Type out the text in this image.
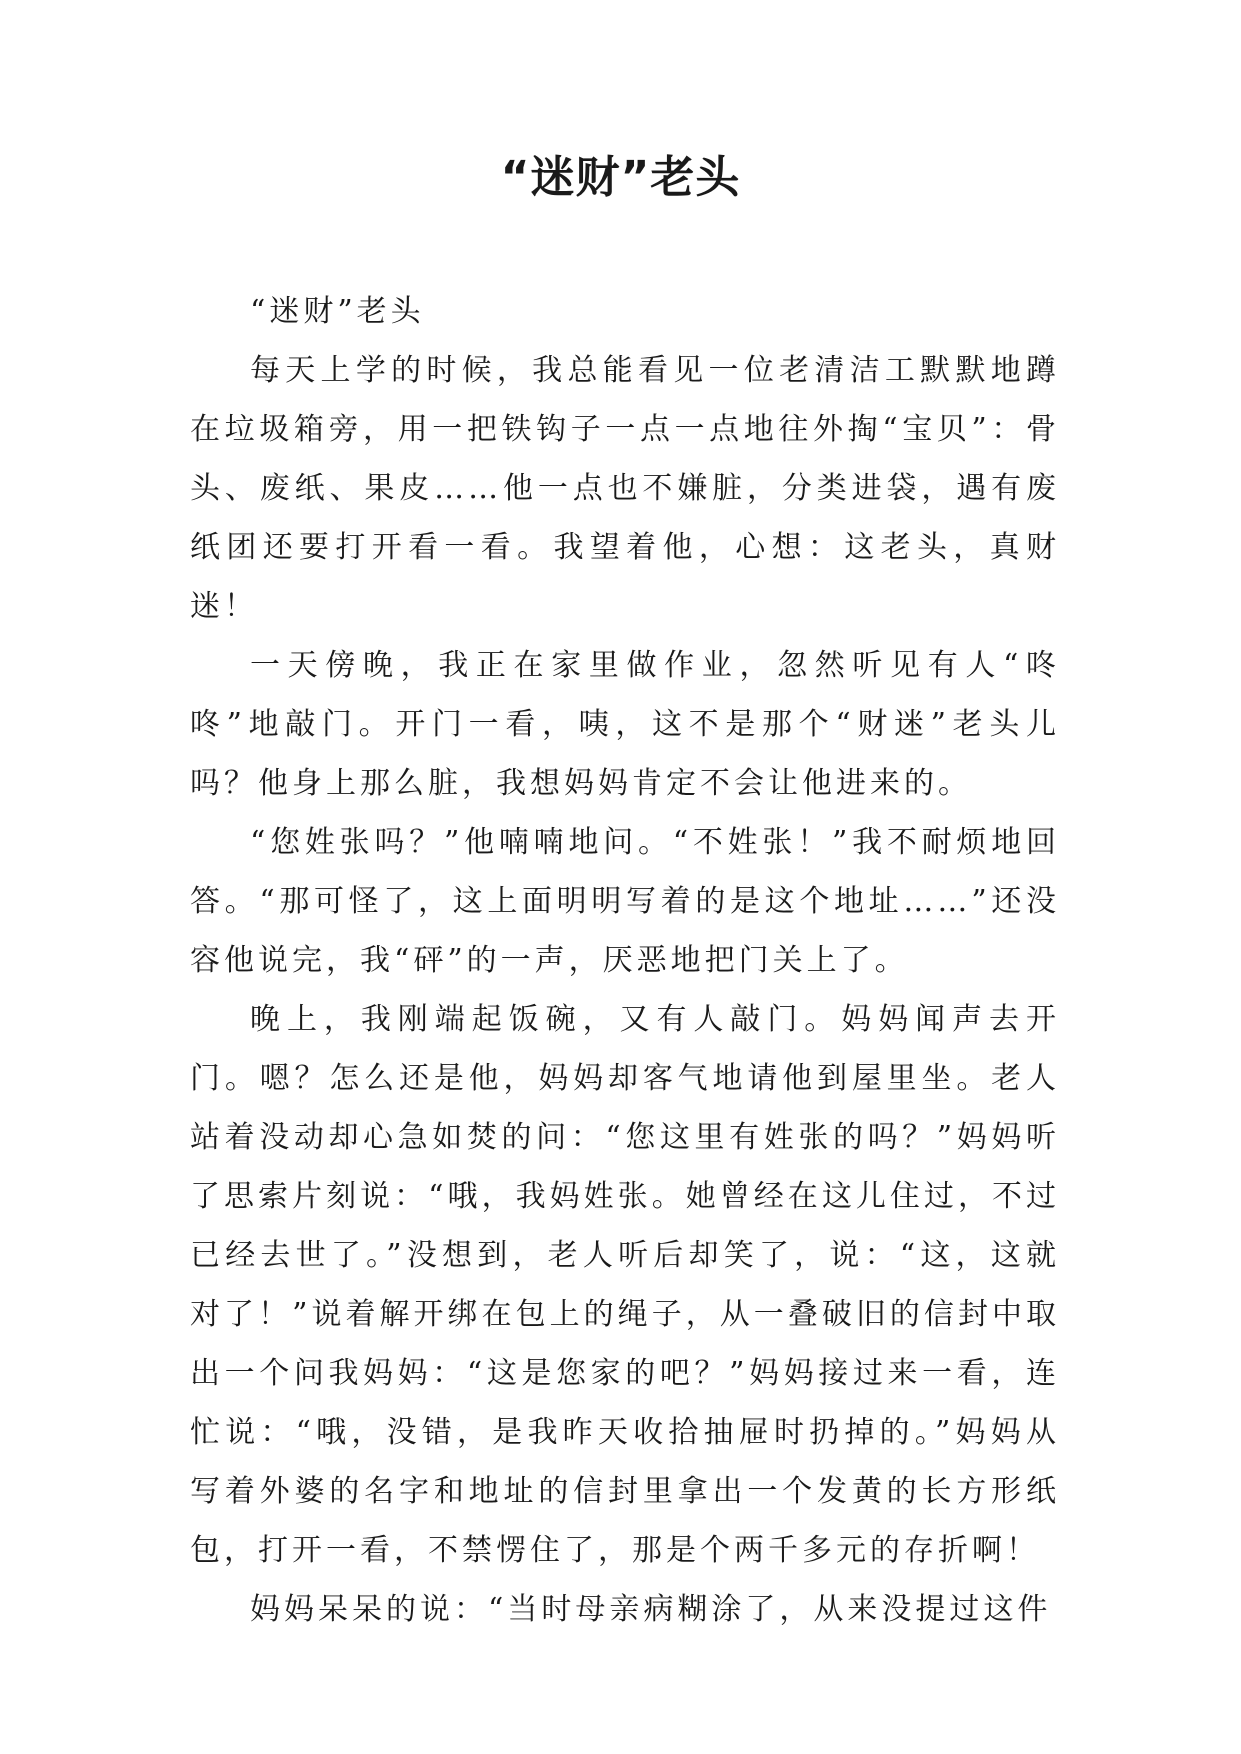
“迷财”老头

“迷财”老头

每天上学的时候，我总能看见一位老清洁工默默地蹲在垃圾箱旁，用一把铁钩子一点一点地往外掏“宝贝”：骨头、废纸、果皮……他一点也不嫌脏，分类进袋，遇有废纸团还要打开看一看。我望着他，心想：这老头，真财迷！

一天傍晚，我正在家里做作业，忽然听见有人“咚咚”地敲门。开门一看，咦，这不是那个“财迷”老头儿吗？他身上那么脏，我想妈妈肯定不会让他进来的。

“您姓张吗？”他喃喃地问。“不姓张！”我不耐烦地回答。“那可怪了，这上面明明写着的是这个地址……”还没容他说完，我“砰”的一声，厌恶地把门关上了。

晚上，我刚端起饭碗，又有人敲门。妈妈闻声去开门。嗯？怎么还是他，妈妈却客气地请他到屋里坐。老人站着没动却心急如焚的问：“您这里有姓张的吗？”妈妈听了思索片刻说：“哦，我妈姓张。她曾经在这儿住过，不过已经去世了。”没想到，老人听后却笑了，说：“这，这就对了！”说着解开绑在包上的绳子，从一叠破旧的信封中取出一个问我妈妈：“这是您家的吧？”妈妈接过来一看，连忙说：“哦，没错，是我昨天收拾抽屉时扔掉的。”妈妈从写着外婆的名字和地址的信封里拿出一个发黄的长方形纸包，打开一看，不禁愣住了，那是个两千多元的存折啊！

妈妈呆呆的说：“当时母亲病糊涂了，从来没提过这件
